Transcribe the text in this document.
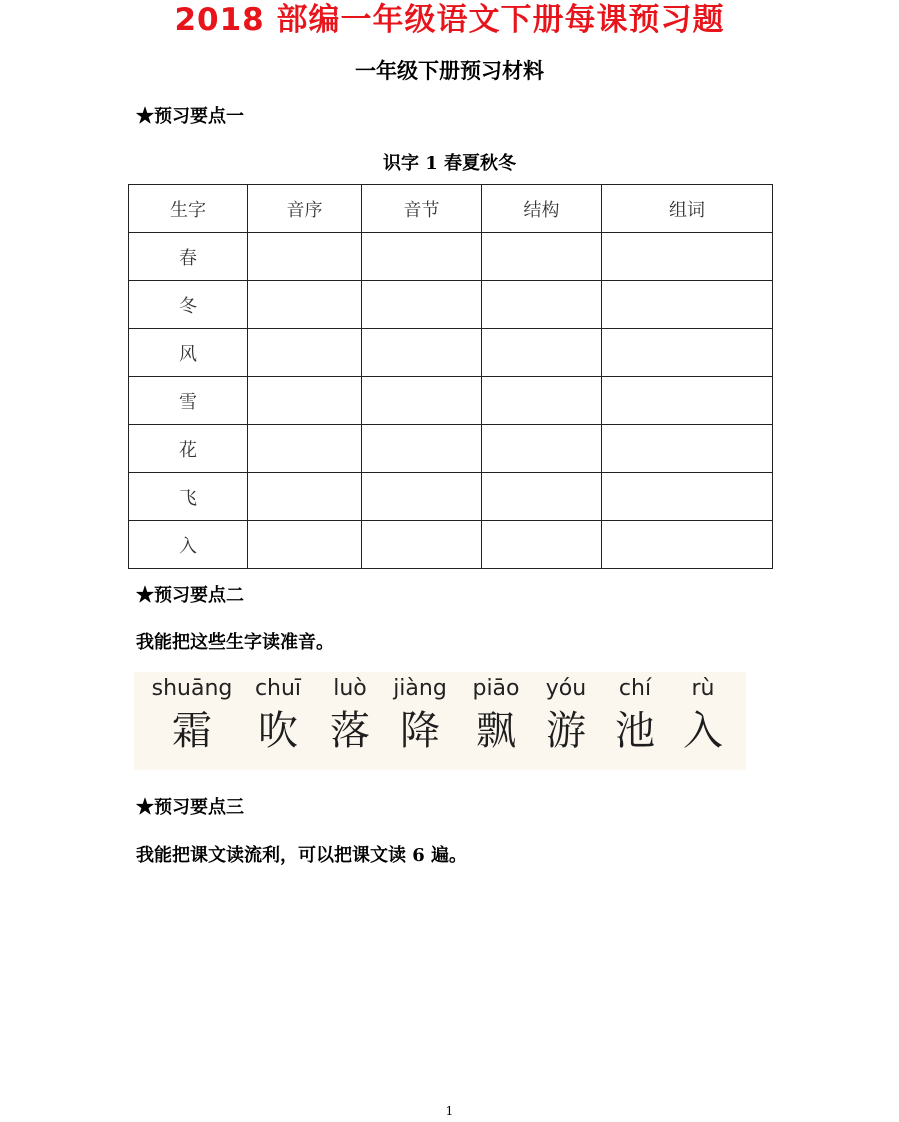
2018 部编一年级语文下册每课预习题
一年级下册预习材料
★预习要点一
识字 1 春夏秋冬
生字	音序	音节	结构	组词
春				
冬				
风				
雪				
花				
飞				
入				
★预习要点二
我能把这些生字读准音。
shuāng
霜
chuī
吹
luò
落
jiàng
降
piāo
飘
yóu
游
chí
池
rù
入
★预习要点三
我能把课文读流利，可以把课文读 6 遍。
1
